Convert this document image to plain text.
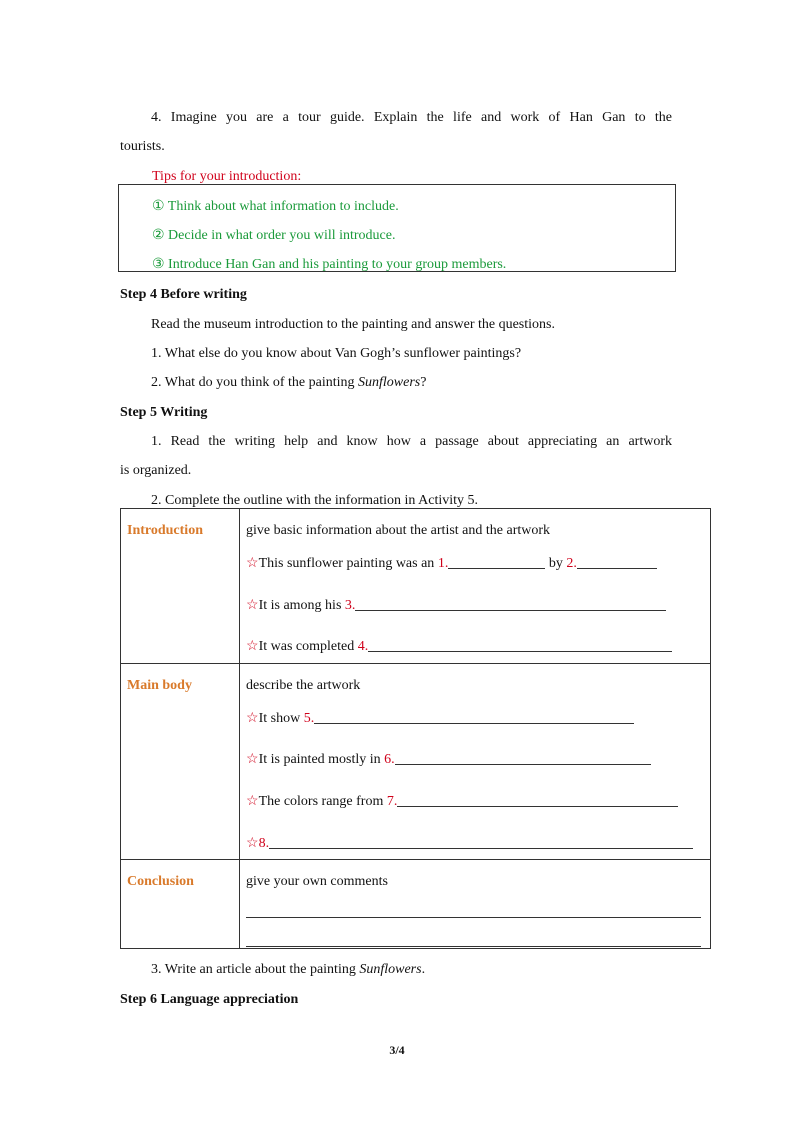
4. Imagine you are a tour guide. Explain the life and work of Han Gan to the
tourists.
Tips for your introduction:
① Think about what information to include.
② Decide in what order you will introduce.
③ Introduce Han Gan and his painting to your group members.
Step 4 Before writing
Read the museum introduction to the painting and answer the questions.
1. What else do you know about Van Gogh’s sunflower paintings?
2. What do you think of the painting Sunflowers?
Step 5 Writing
1. Read the writing help and know how a passage about appreciating an artwork
is organized.
2. Complete the outline with the information in Activity 5.
Introduction	give basic information about the artist and the artwork
☆This sunflower painting was an 1. by 2.
☆It is among his 3.
☆It was completed 4.

Main body	describe the artwork
☆It show 5.
☆It is painted mostly in 6.
☆The colors range from 7.
☆8.

Conclusion	give your own comments
3. Write an article about the painting Sunflowers.
Step 6 Language appreciation
3/4
